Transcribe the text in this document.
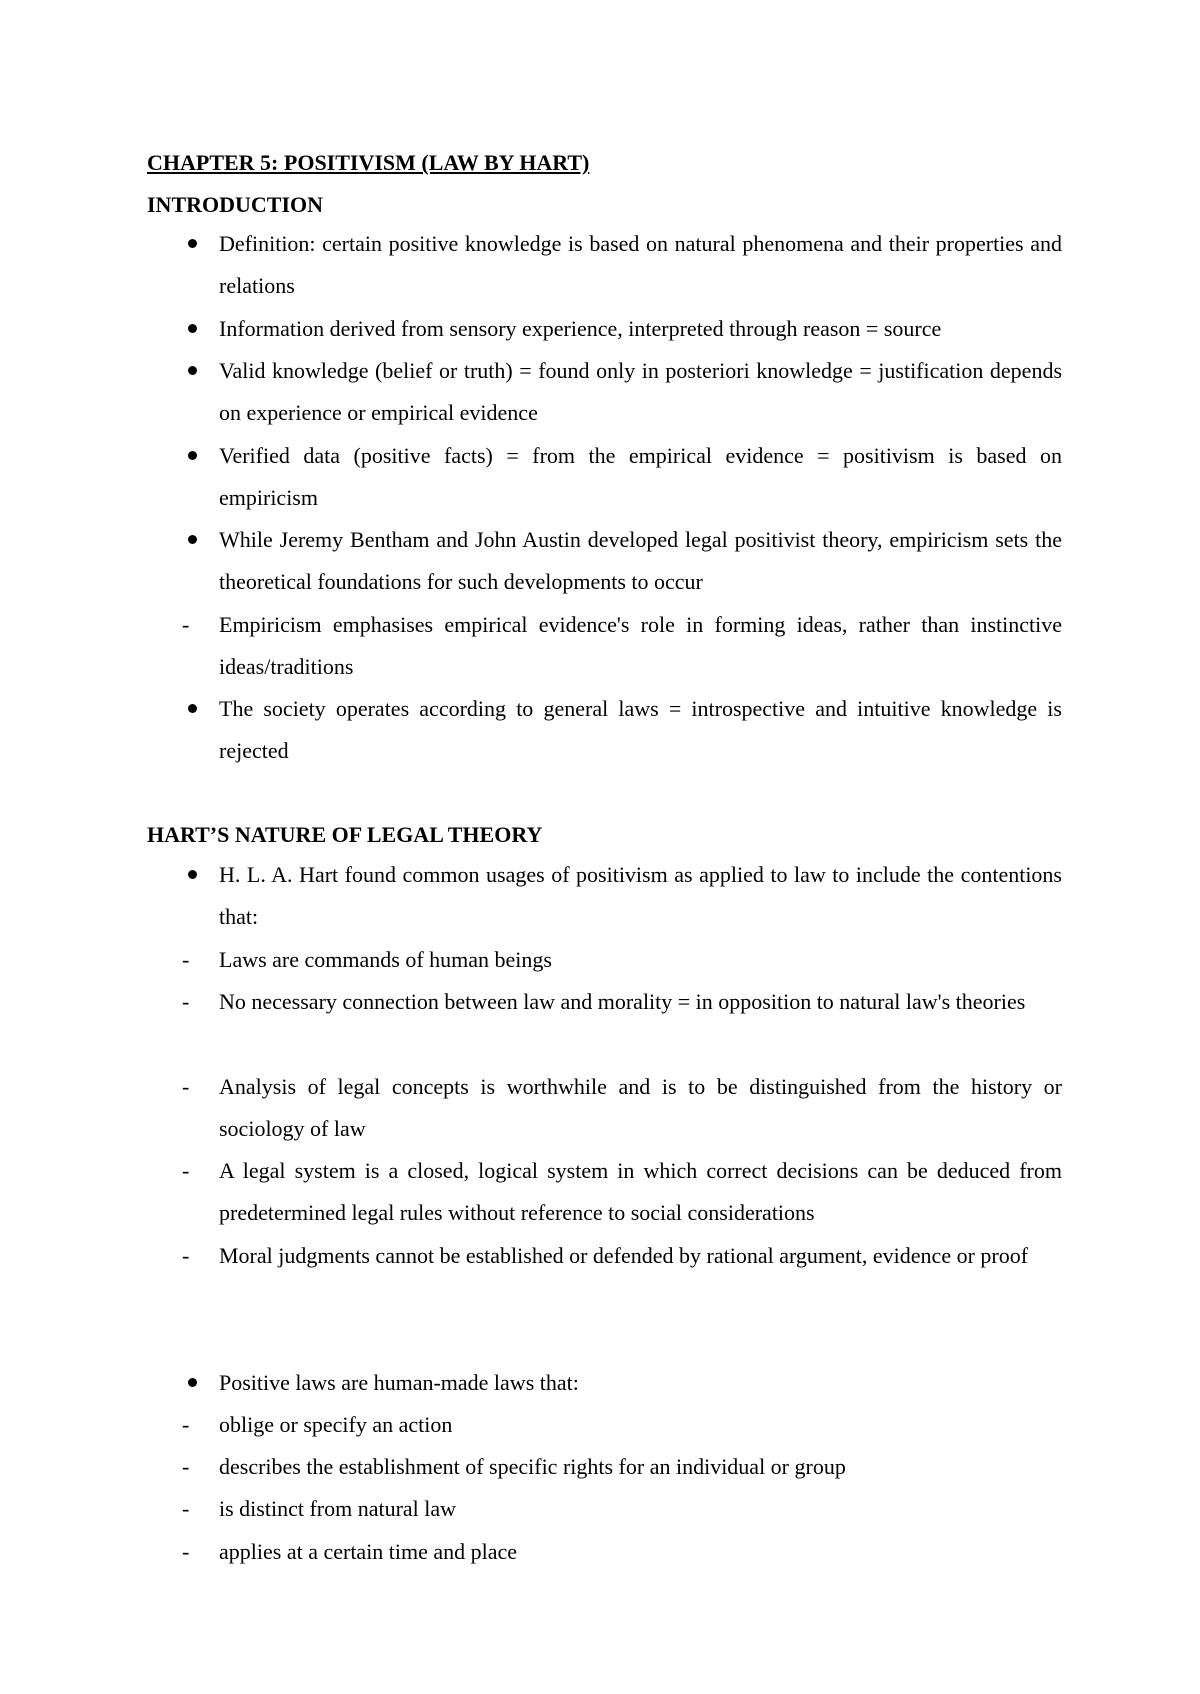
CHAPTER 5: POSITIVISM (LAW BY HART)
INTRODUCTION
Definition: certain positive knowledge is based on natural phenomena and their properties and relations
Information derived from sensory experience, interpreted through reason = source
Valid knowledge (belief or truth) = found only in posteriori knowledge = justification depends on experience or empirical evidence
Verified data (positive facts) = from the empirical evidence = positivism is based on empiricism
While Jeremy Bentham and John Austin developed legal positivist theory, empiricism sets the theoretical foundations for such developments to occur
-	Empiricism emphasises empirical evidence's role in forming ideas, rather than instinctive ideas/traditions
The society operates according to general laws = introspective and intuitive knowledge is rejected
HART’S NATURE OF LEGAL THEORY
H. L. A. Hart found common usages of positivism as applied to law to include the contentions that:
-	Laws are commands of human beings
-	No necessary connection between law and morality = in opposition to natural law's theories
-	Analysis of legal concepts is worthwhile and is to be distinguished from the history or sociology of law
-	A legal system is a closed, logical system in which correct decisions can be deduced from predetermined legal rules without reference to social considerations
-	Moral judgments cannot be established or defended by rational argument, evidence or proof
Positive laws are human-made laws that:
-	oblige or specify an action
-	describes the establishment of specific rights for an individual or group
-	is distinct from natural law
-	applies at a certain time and place
